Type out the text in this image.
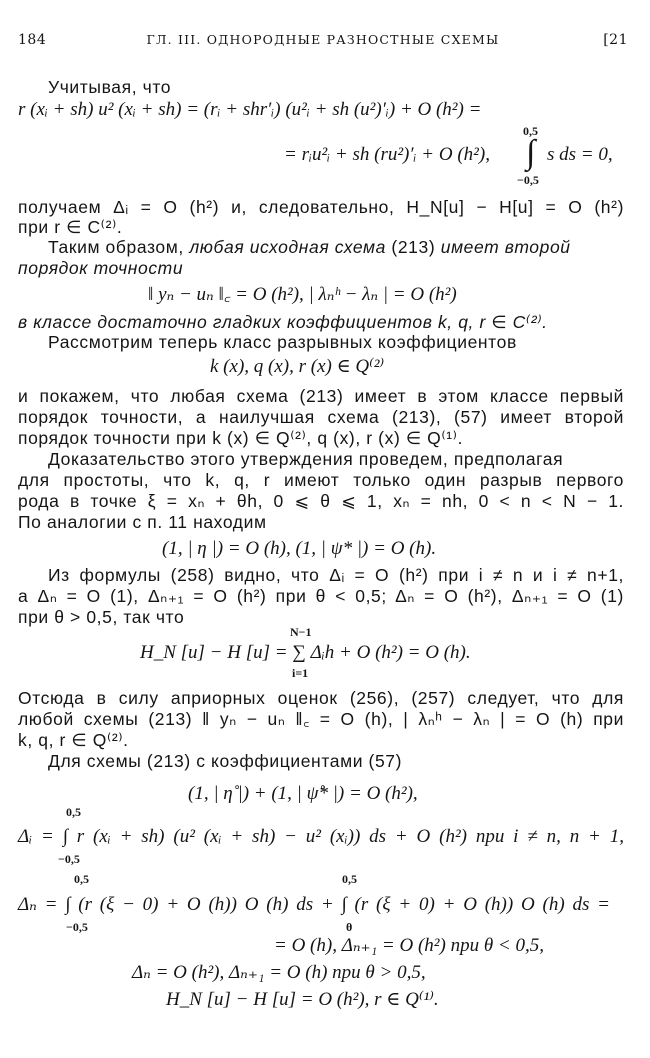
184	ГЛ. III. ОДНОРОДНЫЕ РАЗНОСТНЫЕ СХЕМЫ	[21
Учитывая, что
r (xᵢ + sh) u² (xᵢ + sh) = (rᵢ + shr′ᵢ) (u²ᵢ + sh (u²)′ᵢ) + O (h²) =
= rᵢu²ᵢ + sh (ru²)′ᵢ + O (h²),
0,5
∫
−0,5
s ds = 0,
получаем Δᵢ = O (h²) и, следовательно, H_N[u] − H[u] = O (h²)
при r ∈ C⁽²⁾.
Таким образом, любая исходная схема (213) имеет второй
порядок точности
‖ yₙ − uₙ ‖꜀ = O (h²), | λₙʰ − λₙ | = O (h²)
в классе достаточно гладких коэффициентов k, q, r ∈ C⁽²⁾.
Рассмотрим теперь класс разрывных коэффициентов
k (x), q (x), r (x) ∈ Q⁽²⁾
и покажем, что любая схема (213) имеет в этом классе первый
порядок точности, а наилучшая схема (213), (57) имеет второй
порядок точности при k (x) ∈ Q⁽²⁾, q (x), r (x) ∈ Q⁽¹⁾.
Доказательство этого утверждения проведем, предполагая
для простоты, что k, q, r имеют только один разрыв первого
рода в точке ξ = xₙ + θh, 0 ⩽ θ ⩽ 1, xₙ = nh, 0 < n < N − 1.
По аналогии с п. 11 находим
(1, | η |) = O (h), (1, | ψ* |) = O (h).
Из формулы (258) видно, что Δᵢ = O (h²) при i ≠ n и i ≠ n+1,
а Δₙ = O (1), Δₙ₊₁ = O (h²) при θ < 0,5; Δₙ = O (h²), Δₙ₊₁ = O (1)
при θ > 0,5, так что
N−1
i=1
H_N [u] − H [u] = ∑ Δᵢh + O (h²) = O (h).
Отсюда в силу априорных оценок (256), (257) следует, что для
любой схемы (213) ‖ yₙ − uₙ ‖꜀ = O (h), | λₙʰ − λₙ | = O (h) при
k, q, r ∈ Q⁽²⁾.
Для схемы (213) с коэффициентами (57)
(1, | η̊ |) + (1, | ψ̊* |) = O (h²),
0,5
−0,5
Δᵢ = ∫ r (xᵢ + sh) (u² (xᵢ + sh) − u² (xᵢ)) ds + O (h²) при i ≠ n, n + 1,
0,5
−0,5
0,5
θ
Δₙ = ∫ (r (ξ − 0) + O (h)) O (h) ds + ∫ (r (ξ + 0) + O (h)) O (h) ds =
= O (h), Δₙ₊₁ = O (h²) при θ < 0,5,
Δₙ = O (h²), Δₙ₊₁ = O (h) при θ > 0,5,
H_N [u] − H [u] = O (h²), r ∈ Q⁽¹⁾.
